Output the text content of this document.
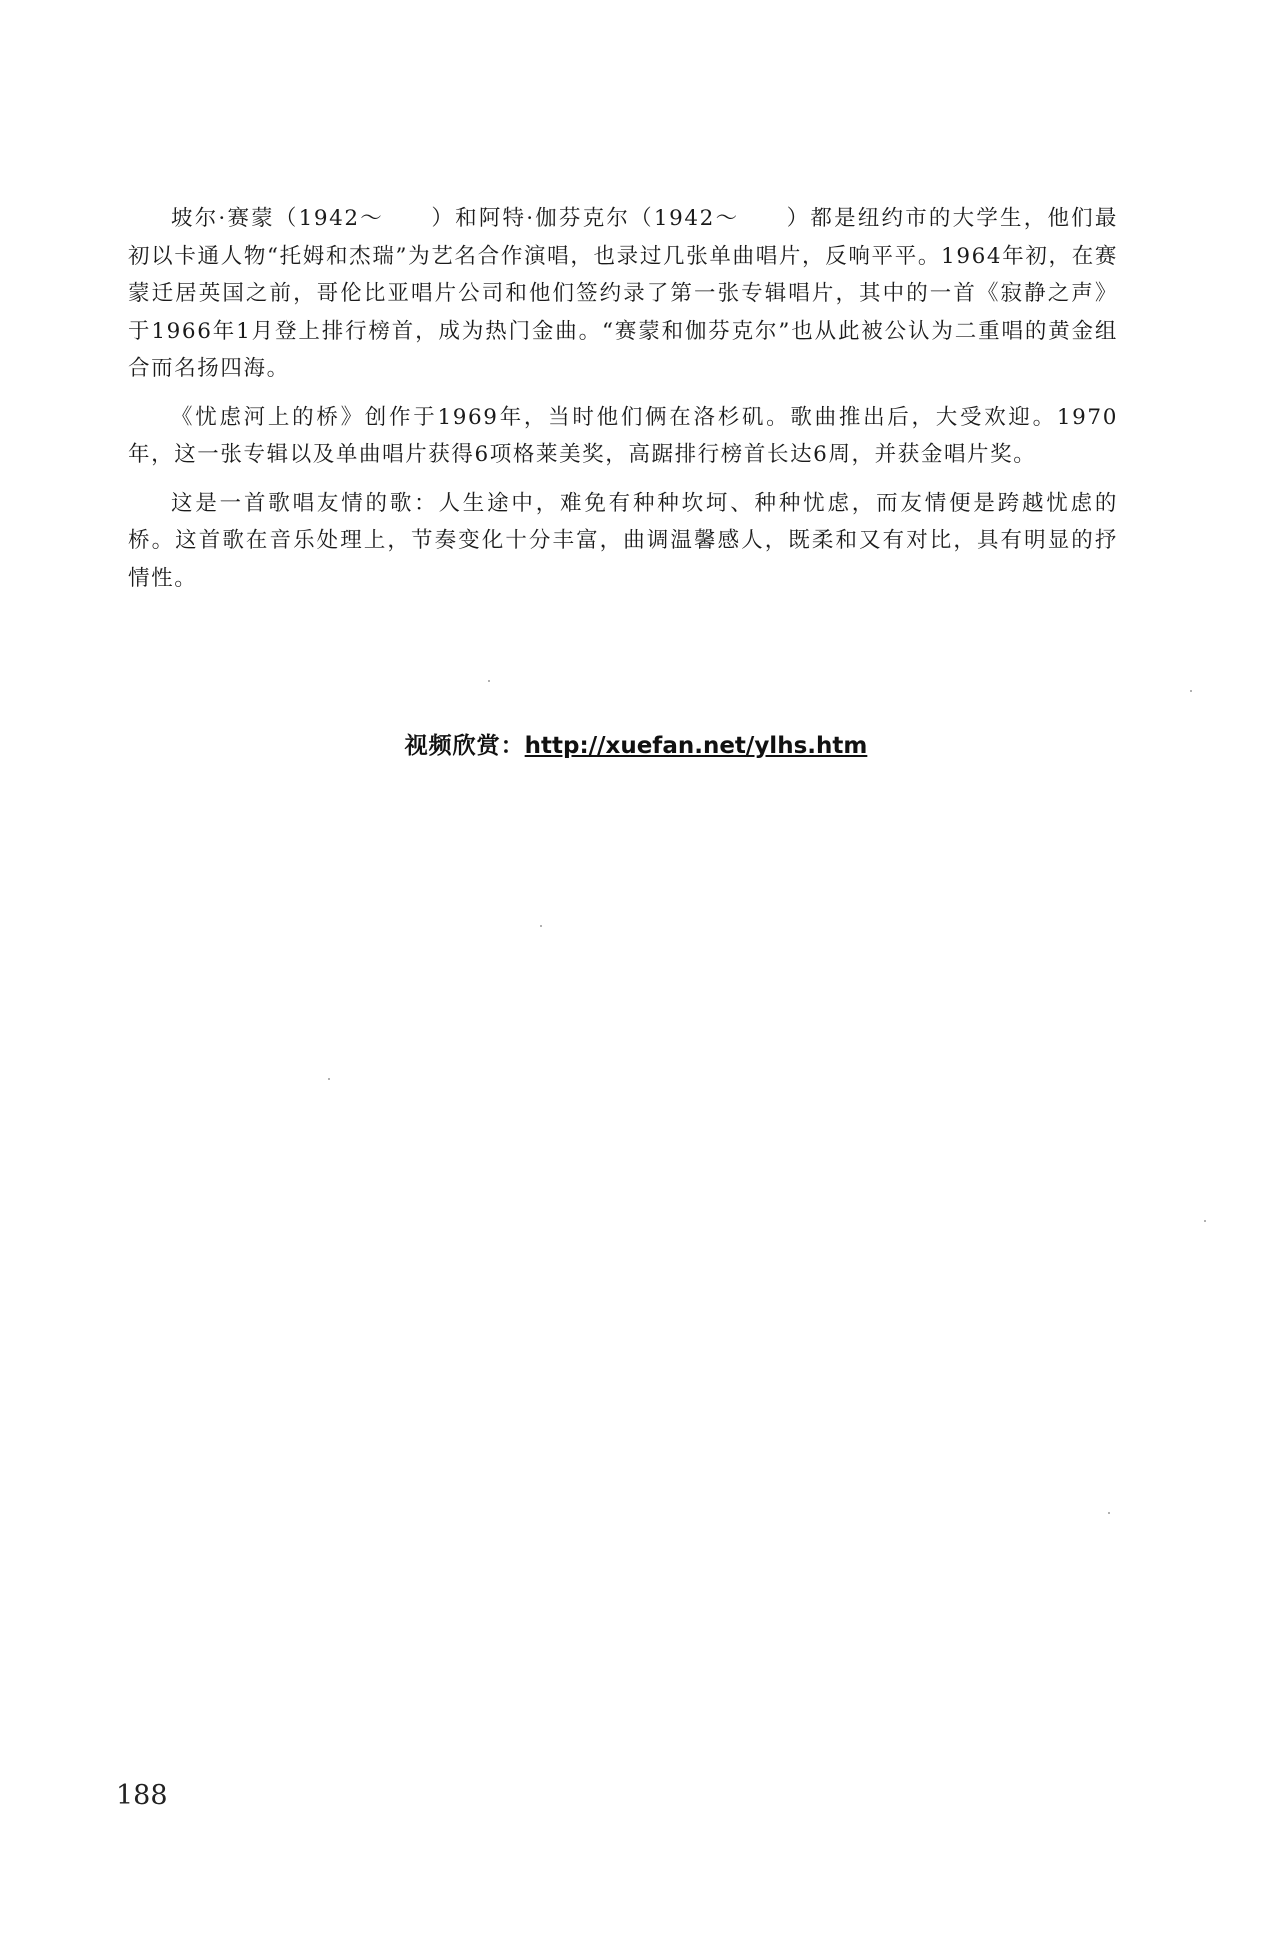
坡尔·赛蒙（1942～　　）和阿特·伽芬克尔（1942～　　）都是纽约市的大学生，他们最初以卡通人物“托姆和杰瑞”为艺名合作演唱，也录过几张单曲唱片，反响平平。1964年初，在赛蒙迁居英国之前，哥伦比亚唱片公司和他们签约录了第一张专辑唱片，其中的一首《寂静之声》于1966年1月登上排行榜首，成为热门金曲。“赛蒙和伽芬克尔”也从此被公认为二重唱的黄金组合而名扬四海。

《忧虑河上的桥》创作于1969年，当时他们俩在洛杉矶。歌曲推出后，大受欢迎。1970年，这一张专辑以及单曲唱片获得6项格莱美奖，高踞排行榜首长达6周，并获金唱片奖。

这是一首歌唱友情的歌：人生途中，难免有种种坎坷、种种忧虑，而友情便是跨越忧虑的桥。这首歌在音乐处理上，节奏变化十分丰富，曲调温馨感人，既柔和又有对比，具有明显的抒情性。

视频欣赏：http://xuefan.net/ylhs.htm
188
